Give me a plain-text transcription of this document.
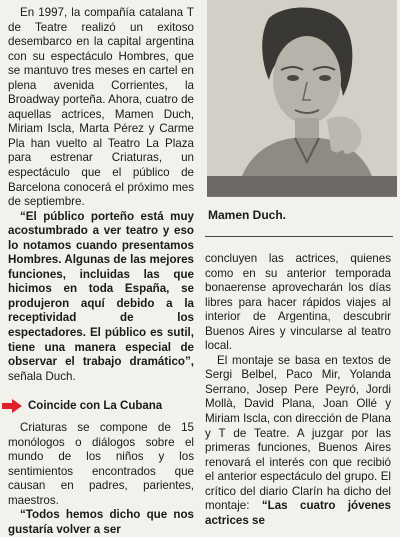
En 1997, la compañía catalana T de Teatre realizó un exitoso desembarco en la capital argentina con su espectáculo Hombres, que se mantuvo tres meses en cartel en plena avenida Corrientes, la Broadway porteña. Ahora, cuatro de aquellas actrices, Mamen Duch, Miriam Iscla, Marta Pérez y Carme Pla han vuelto al Teatro La Plaza para estrenar Criaturas, un espectáculo que el público de Barcelona conocerá el próximo mes de septiembre.

“El público porteño está muy acostumbrado a ver teatro y eso lo notamos cuando presentamos Hombres. Algunas de las mejores funciones, incluidas las que hicimos en toda España, se produjeron aquí debido a la receptividad de los espectadores. El público es sutil, tiene una manera especial de observar el trabajo dramático”, señala Duch.

Coincide con La Cubana

Criaturas se compone de 15 monólogos o diálogos sobre el mundo de los niños y los sentimientos encontrados que causan en padres, parientes, maestros.

“Todos hemos dicho que nos gustaría volver a ser

Mamen Duch.

concluyen las actrices, quienes como en su anterior temporada bonaerense aprovecharán los días libres para hacer rápidos viajes al interior de Argentina, descubrir Buenos Aires y vincularse al teatro local.

El montaje se basa en textos de Sergi Belbel, Paco Mir, Yolanda Serrano, Josep Pere Peyró, Jordi Mollà, David Plana, Joan Ollé y Miriam Iscla, con dirección de Plana y T de Teatre. A juzgar por las primeras funciones, Buenos Aires renovará el interés con que recibió el anterior espectáculo del grupo. El crítico del diario Clarín ha dicho del montaje: “Las cuatro jóvenes actrices se
